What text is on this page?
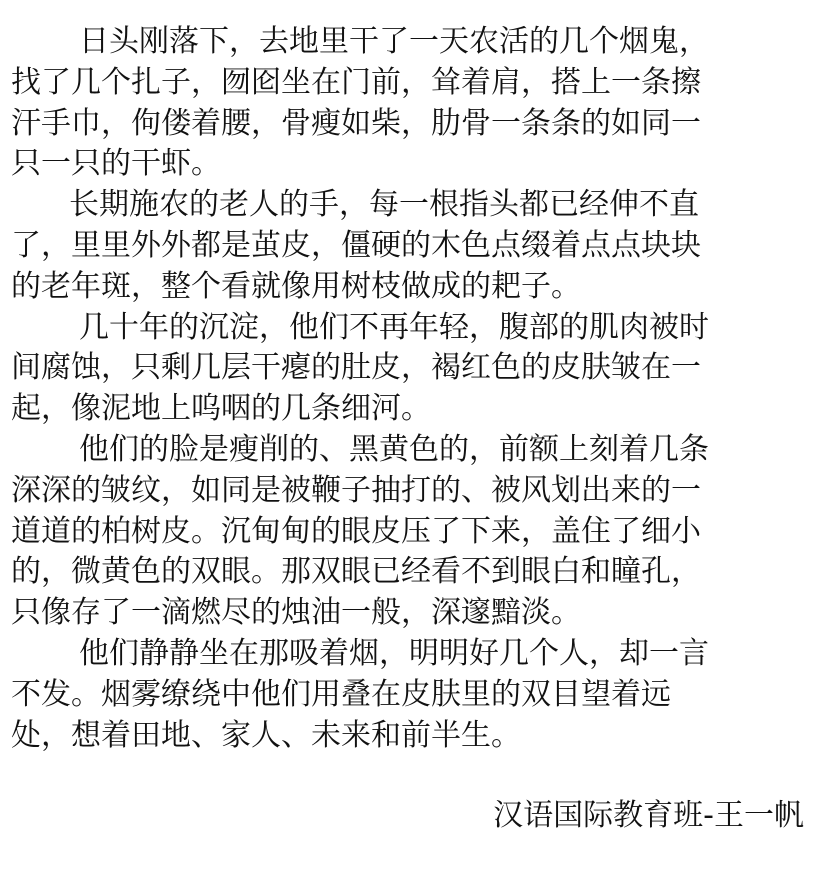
日头刚落下，去地里干了一天农活的几个烟鬼，
找了几个扎子，囫囵坐在门前，耸着肩，搭上一条擦
汗手巾，佝偻着腰，骨瘦如柴，肋骨一条条的如同一
只一只的干虾。
长期施农的老人的手，每一根指头都已经伸不直
了，里里外外都是茧皮，僵硬的木色点缀着点点块块
的老年斑，整个看就像用树枝做成的耙子。
几十年的沉淀，他们不再年轻，腹部的肌肉被时
间腐蚀，只剩几层干瘪的肚皮，褐红色的皮肤皱在一
起，像泥地上呜咽的几条细河。
他们的脸是瘦削的、黑黄色的，前额上刻着几条
深深的皱纹，如同是被鞭子抽打的、被风划出来的一
道道的柏树皮。沉甸甸的眼皮压了下来，盖住了细小
的，微黄色的双眼。那双眼已经看不到眼白和瞳孔，
只像存了一滴燃尽的烛油一般，深邃黯淡。
他们静静坐在那吸着烟，明明好几个人，却一言
不发。烟雾缭绕中他们用叠在皮肤里的双目望着远
处，想着田地、家人、未来和前半生。
汉语国际教育班-王一帆
